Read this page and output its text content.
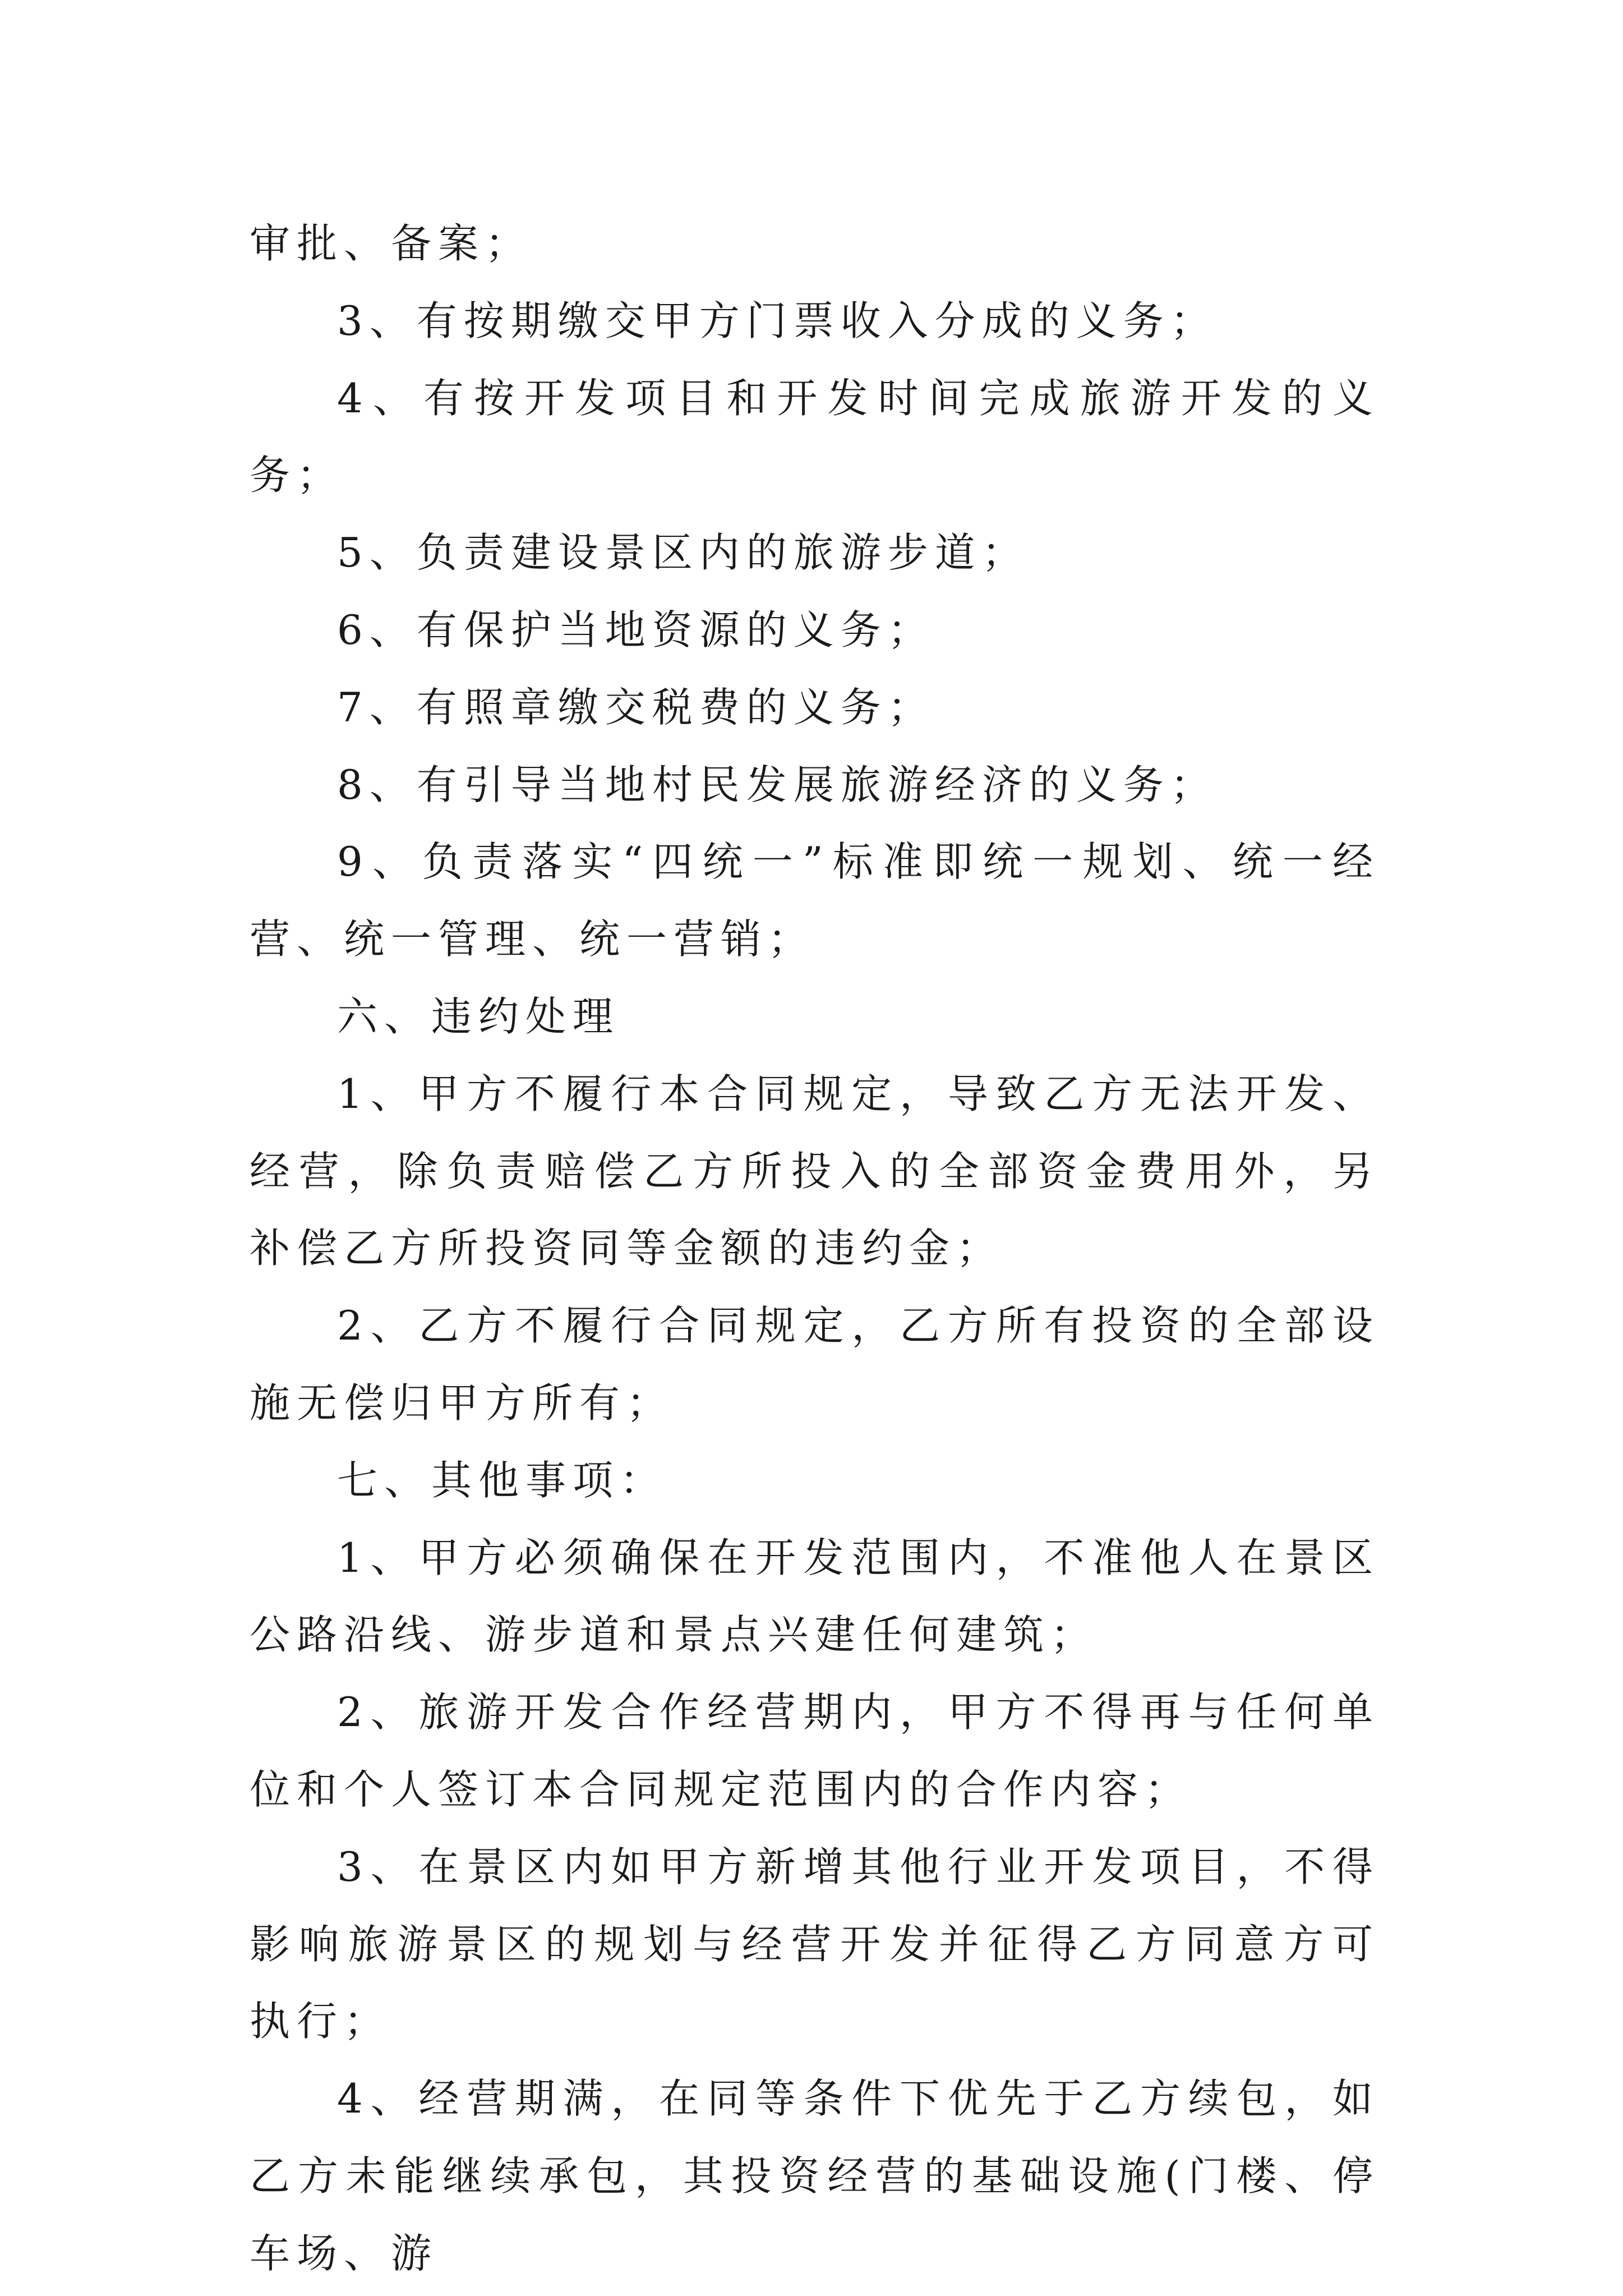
审批、备案；

3、有按期缴交甲方门票收入分成的义务；

4、有按开发项目和开发时间完成旅游开发的义务；

5、负责建设景区内的旅游步道；

6、有保护当地资源的义务；

7、有照章缴交税费的义务；

8、有引导当地村民发展旅游经济的义务；

9、负责落实“四统一”标准即统一规划、统一经营、统一管理、统一营销；

六、违约处理

1、甲方不履行本合同规定，导致乙方无法开发、经营，除负责赔偿乙方所投入的全部资金费用外，另补偿乙方所投资同等金额的违约金；

2、乙方不履行合同规定，乙方所有投资的全部设施无偿归甲方所有；

七、其他事项：

1、甲方必须确保在开发范围内，不准他人在景区公路沿线、游步道和景点兴建任何建筑；

2、旅游开发合作经营期内，甲方不得再与任何单位和个人签订本合同规定范围内的合作内容；

3、在景区内如甲方新增其他行业开发项目，不得影响旅游景区的规划与经营开发并征得乙方同意方可执行；

4、经营期满，在同等条件下优先于乙方续包，如乙方未能继续承包，其投资经营的基础设施(门楼、停车场、游
